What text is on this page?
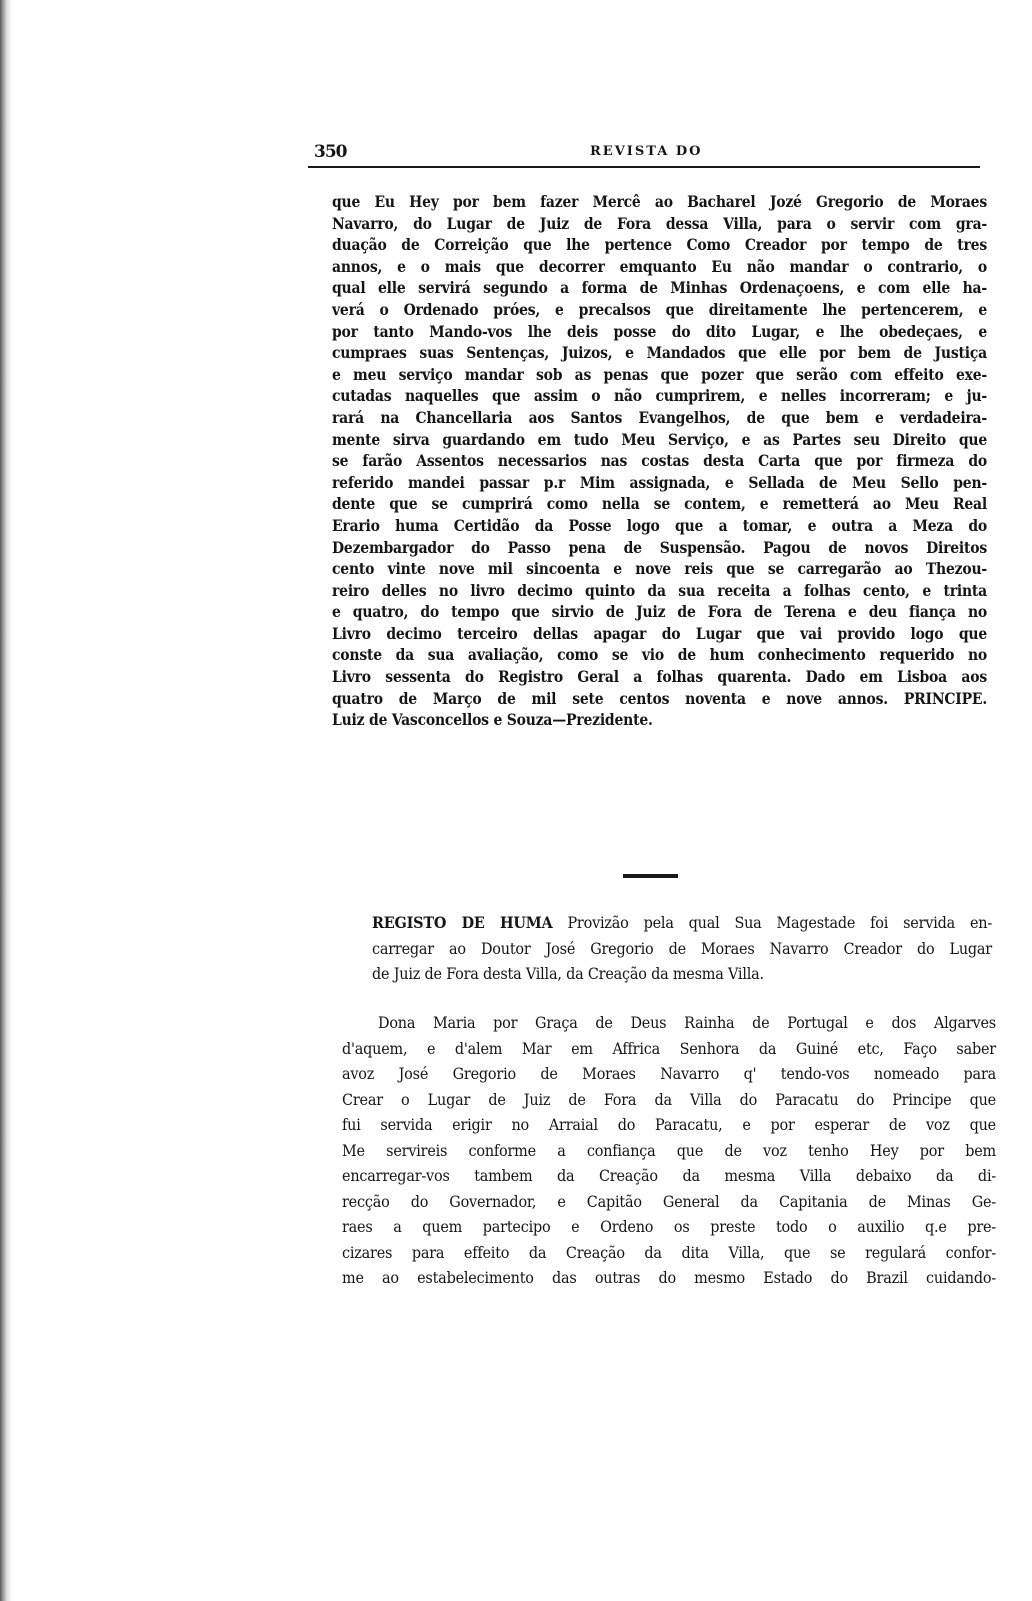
350	REVISTA DO
que Eu Hey por bem fazer Mercê ao Bacharel Jozé Gregorio de Moraes
Navarro, do Lugar de Juiz de Fora dessa Villa, para o servir com gra-
duação de Correição que lhe pertence Como Creador por tempo de tres
annos, e o mais que decorrer emquanto Eu não mandar o contrario, o
qual elle servirá segundo a forma de Minhas Ordenaçoens, e com elle ha-
verá o Ordenado próes, e precalsos que direitamente lhe pertencerem, e
por tanto Mando-vos lhe deis posse do dito Lugar, e lhe obedeçaes, e
cumpraes suas Sentenças, Juizos, e Mandados que elle por bem de Justiça
e meu serviço mandar sob as penas que pozer que serão com effeito exe-
cutadas naquelles que assim o não cumprirem, e nelles incorreram; e ju-
rará na Chancellaria aos Santos Evangelhos, de que bem e verdadeira-
mente sirva guardando em tudo Meu Serviço, e as Partes seu Direito que
se farão Assentos necessarios nas costas desta Carta que por firmeza do
referido mandei passar p.r Mim assignada, e Sellada de Meu Sello pen-
dente que se cumprirá como nella se contem, e remetterá ao Meu Real
Erario huma Certidão da Posse logo que a tomar, e outra a Meza do
Dezembargador do Passo pena de Suspensão. Pagou de novos Direitos
cento vinte nove mil sincoenta e nove reis que se carregarão ao Thezou-
reiro delles no livro decimo quinto da sua receita a folhas cento, e trinta
e quatro, do tempo que sirvio de Juiz de Fora de Terena e deu fiança no
Livro decimo terceiro dellas apagar do Lugar que vai provido logo que
conste da sua avaliação, como se vio de hum conhecimento requerido no
Livro sessenta do Registro Geral a folhas quarenta. Dado em Lisboa aos
quatro de Março de mil sete centos noventa e nove annos. PRINCIPE.
Luiz de Vasconcellos e Souza—Prezidente.
REGISTO DE HUMA Provizão pela qual Sua Magestade foi servida en-
carregar ao Doutor José Gregorio de Moraes Navarro Creador do Lugar
de Juiz de Fora desta Villa, da Creação da mesma Villa.
Dona Maria por Graça de Deus Rainha de Portugal e dos Algarves
d'aquem, e d'alem Mar em Affrica Senhora da Guiné etc, Faço saber
avoz José Gregorio de Moraes Navarro q' tendo-vos nomeado para
Crear o Lugar de Juiz de Fora da Villa do Paracatu do Principe que
fui servida erigir no Arraial do Paracatu, e por esperar de voz que
Me servireis conforme a confiança que de voz tenho Hey por bem
encarregar-vos tambem da Creação da mesma Villa debaixo da di-
recção do Governador, e Capitão General da Capitania de Minas Ge-
raes a quem partecipo e Ordeno os preste todo o auxilio q.e pre-
cizares para effeito da Creação da dita Villa, que se regulará confor-
me ao estabelecimento das outras do mesmo Estado do Brazil cuidando-
